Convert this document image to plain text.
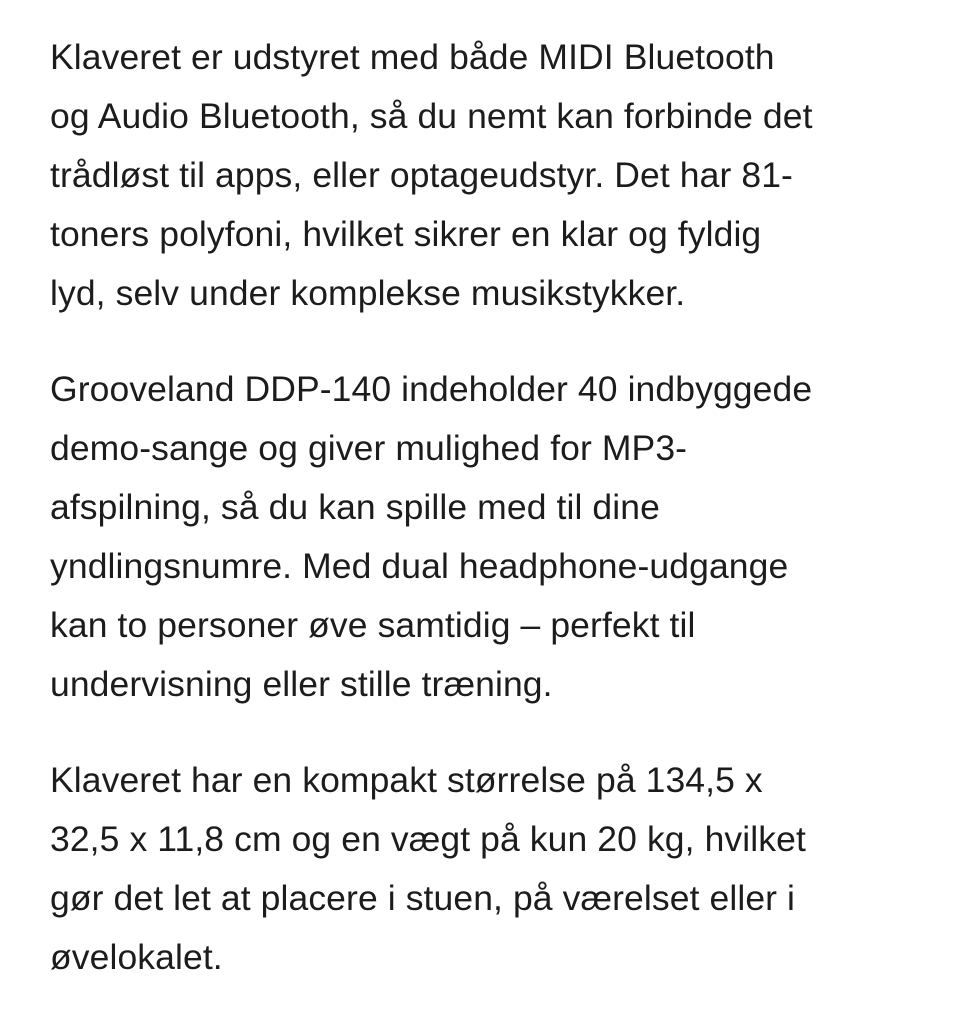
Klaveret er udstyret med både MIDI Bluetooth
og Audio Bluetooth, så du nemt kan forbinde det
trådløst til apps, eller optageudstyr. Det har 81-
toners polyfoni, hvilket sikrer en klar og fyldig
lyd, selv under komplekse musikstykker.

Grooveland DDP-140 indeholder 40 indbyggede
demo-sange og giver mulighed for MP3-
afspilning, så du kan spille med til dine
yndlingsnumre. Med dual headphone-udgange
kan to personer øve samtidig – perfekt til
undervisning eller stille træning.

Klaveret har en kompakt størrelse på 134,5 x
32,5 x 11,8 cm og en vægt på kun 20 kg, hvilket
gør det let at placere i stuen, på værelset eller i
øvelokalet.
